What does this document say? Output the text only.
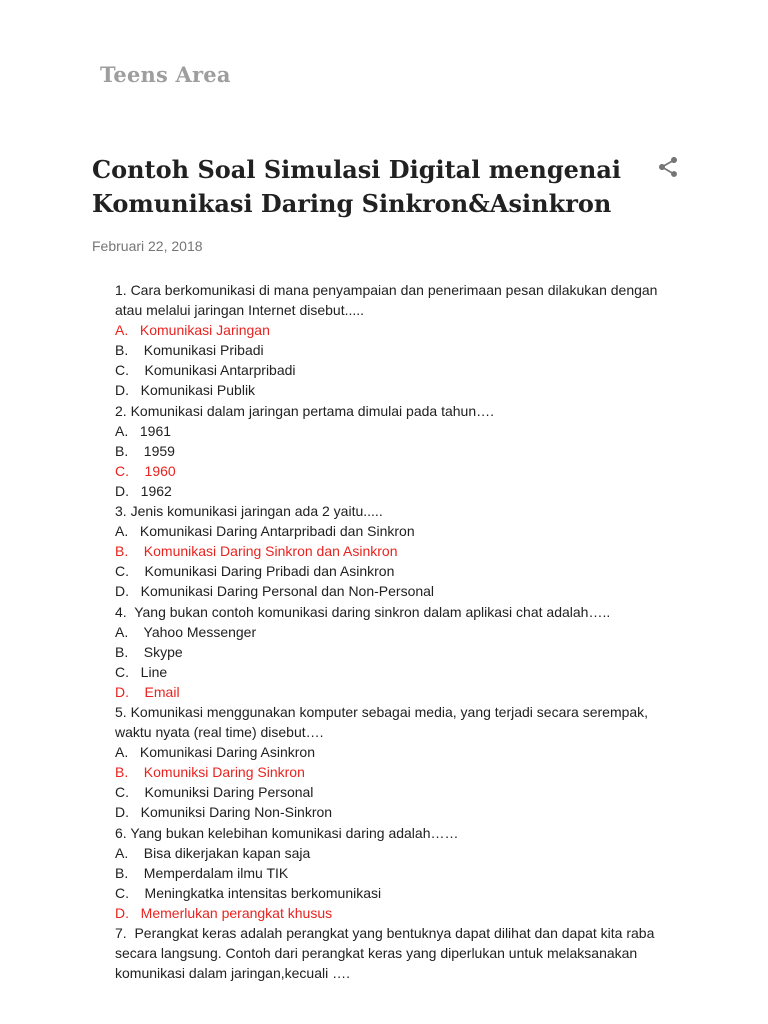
Teens Area
Contoh Soal Simulasi Digital mengenai Komunikasi Daring Sinkron&Asinkron
Februari 22, 2018
1. Cara berkomunikasi di mana penyampaian dan penerimaan pesan dilakukan dengan atau melalui jaringan Internet disebut.....
A.   Komunikasi Jaringan
B.    Komunikasi Pribadi
C.    Komunikasi Antarpribadi
D.   Komunikasi Publik
2. Komunikasi dalam jaringan pertama dimulai pada tahun….
A.   1961
B.    1959
C.    1960
D.   1962
3. Jenis komunikasi jaringan ada 2 yaitu.....
A.   Komunikasi Daring Antarpribadi dan Sinkron
B.    Komunikasi Daring Sinkron dan Asinkron
C.    Komunikasi Daring Pribadi dan Asinkron
D.   Komunikasi Daring Personal dan Non-Personal
4.  Yang bukan contoh komunikasi daring sinkron dalam aplikasi chat adalah…..
A.    Yahoo Messenger
B.    Skype
C.   Line
D.    Email
5. Komunikasi menggunakan komputer sebagai media, yang terjadi secara serempak, waktu nyata (real time) disebut….
A.   Komunikasi Daring Asinkron
B.    Komuniksi Daring Sinkron
C.    Komuniksi Daring Personal
D.   Komuniksi Daring Non-Sinkron
6. Yang bukan kelebihan komunikasi daring adalah……
A.    Bisa dikerjakan kapan saja
B.    Memperdalam ilmu TIK
C.    Meningkatka intensitas berkomunikasi
D.   Memerlukan perangkat khusus
7.  Perangkat keras adalah perangkat yang bentuknya dapat dilihat dan dapat kita raba secara langsung. Contoh dari perangkat keras yang diperlukan untuk melaksanakan komunikasi dalam jaringan,kecuali ….
